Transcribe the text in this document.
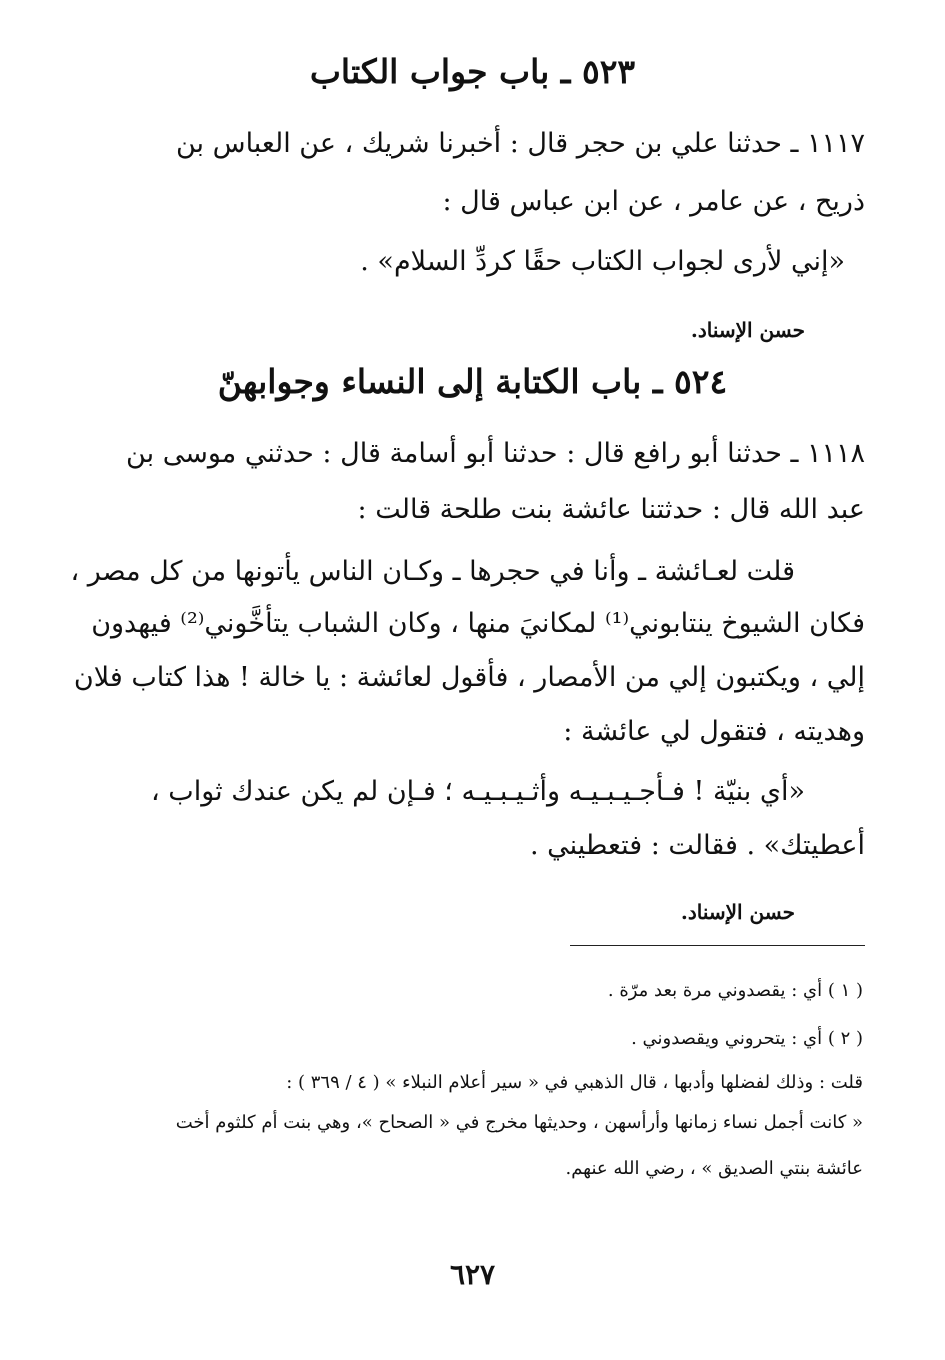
٥٢٣ ـ باب جواب الكتاب
١١١٧ ـ حدثنا علي بن حجر قال : أخبرنا شريك ، عن العباس بن
ذريح ، عن عامر ، عن ابن عباس قال :
«إني لأرى لجواب الكتاب حقًا كردِّ السلام» .
حسن الإسناد.
٥٢٤ ـ باب الكتابة إلى النساء وجوابهنّ
١١١٨ ـ حدثنا أبو رافع قال : حدثنا أبو أسامة قال : حدثني موسى بن
عبد الله قال : حدثتنا عائشة بنت طلحة قالت :
قلت لعـائشة ـ وأنا في حجرها ـ وكـان الناس يأتونها من كل مصر ،
فكان الشيوخ ينتابوني⁽¹⁾ لمكانيَ منها ، وكان الشباب يتأخَّوني⁽²⁾ فيهدون
إلي ، ويكتبون إلي من الأمصار ، فأقول لعائشة : يا خالة ! هذا كتاب فلان
وهديته ، فتقول لي عائشة :
«أي بنيّة ! فـأجـيـبـيـه وأثـيـبـيـه ؛ فـإن لم يكن عندك ثواب ،
أعطيتك» . فقالت : فتعطيني .
حسن الإسناد.
( ١ ) أي : يقصدوني مرة بعد مرّة .
( ٢ ) أي : يتحروني ويقصدوني .
قلت : وذلك لفضلها وأدبها ، قال الذهبي في « سير أعلام النبلاء » ( ٤ / ٣٦٩ ) :
« كانت أجمل نساء زمانها وأرأسهن ، وحديثها مخرج في « الصحاح »، وهي بنت أم كلثوم أخت
عائشة بنتي الصديق » ، رضي الله عنهم.
٦٢٧
